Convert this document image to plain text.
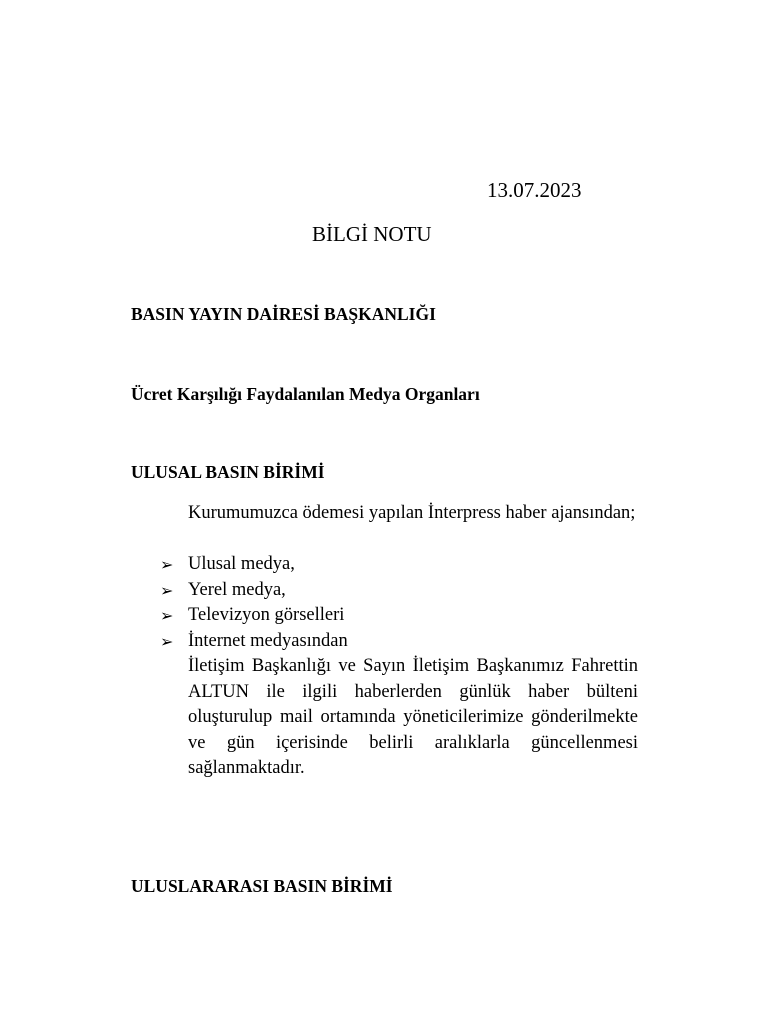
13.07.2023
BİLGİ NOTU
BASIN YAYIN DAİRESİ BAŞKANLIĞI
Ücret Karşılığı Faydalanılan Medya Organları
ULUSAL BASIN BİRİMİ
Kurumumuzca ödemesi yapılan İnterpress haber ajansından;
➢ Ulusal medya,
➢ Yerel medya,
➢ Televizyon görselleri
➢ İnternet medyasından
İletişim Başkanlığı ve Sayın İletişim Başkanımız Fahrettin ALTUN ile ilgili haberlerden günlük haber bülteni oluşturulup mail ortamında yöneticilerimize gönderilmekte ve gün içerisinde belirli aralıklarla güncellenmesi sağlanmaktadır.
ULUSLARARASI BASIN BİRİMİ
